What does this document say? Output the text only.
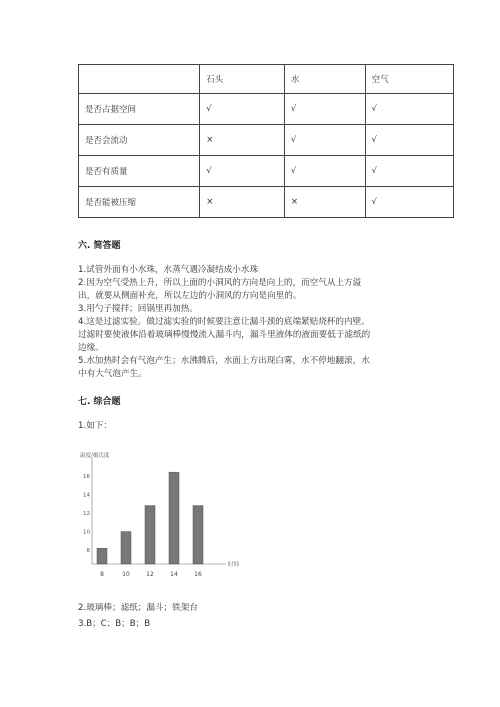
	石头	水	空气
是否占据空间	√	√	√
是否会流动	×	√	√
是否有质量	√	√	√
是否能被压缩	×	×	√
六. 简答题
1.试管外面有小水珠，水蒸气遇冷凝结成小水珠
2.因为空气受热上升，所以上面的小洞风的方向是向上的，而空气从上方溢
出，就要从侧面补充，所以左边的小洞风的方向是向里的。
3.用勺子搅拌；回锅里再加热。
4.这是过滤实验。做过滤实验的时候要注意让漏斗颈的底端紧贴烧杯的内壁。
过滤时要使液体沿着玻璃棒慢慢流入漏斗内，漏斗里液体的液面要低于滤纸的
边缘。
5.水加热时会有气泡产生；水沸腾后，水面上方出现白雾，水不停地翻滚，水
中有大气泡产生。
七. 综合题
1.如下：
温度/摄氏度
时间
8
10
12
14
16
8	10	12	14	16
2.玻璃棒；滤纸；漏斗；铁架台
3.B；C；B；B；B
